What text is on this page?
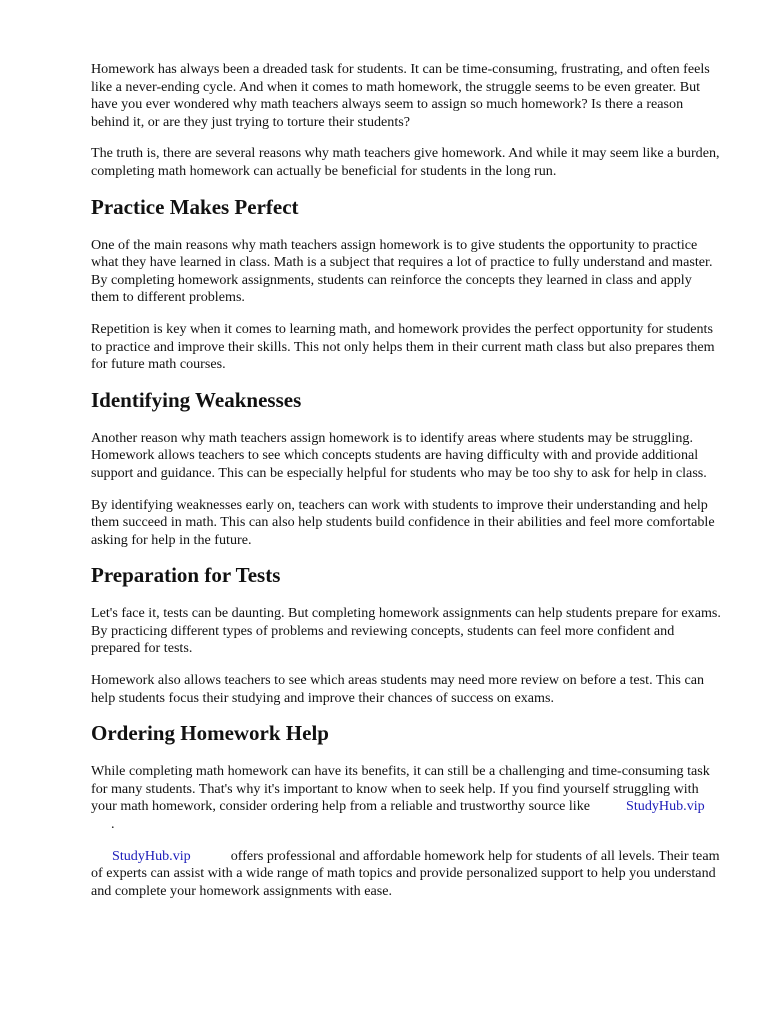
Homework has always been a dreaded task for students. It can be time-consuming, frustrating, and often feels like a never-ending cycle. And when it comes to math homework, the struggle seems to be even greater. But have you ever wondered why math teachers always seem to assign so much homework? Is there a reason behind it, or are they just trying to torture their students?

The truth is, there are several reasons why math teachers give homework. And while it may seem like a burden, completing math homework can actually be beneficial for students in the long run.

Practice Makes Perfect

One of the main reasons why math teachers assign homework is to give students the opportunity to practice what they have learned in class. Math is a subject that requires a lot of practice to fully understand and master. By completing homework assignments, students can reinforce the concepts they learned in class and apply them to different problems.

Repetition is key when it comes to learning math, and homework provides the perfect opportunity for students to practice and improve their skills. This not only helps them in their current math class but also prepares them for future math courses.

Identifying Weaknesses

Another reason why math teachers assign homework is to identify areas where students may be struggling. Homework allows teachers to see which concepts students are having difficulty with and provide additional support and guidance. This can be especially helpful for students who may be too shy to ask for help in class.

By identifying weaknesses early on, teachers can work with students to improve their understanding and help them succeed in math. This can also help students build confidence in their abilities and feel more comfortable asking for help in the future.

Preparation for Tests

Let's face it, tests can be daunting. But completing homework assignments can help students prepare for exams. By practicing different types of problems and reviewing concepts, students can feel more confident and prepared for tests.

Homework also allows teachers to see which areas students may need more review on before a test. This can help students focus their studying and improve their chances of success on exams.

Ordering Homework Help

While completing math homework can have its benefits, it can still be a challenging and time-consuming task for many students. That's why it's important to know when to seek help. If you find yourself struggling with your math homework, consider ordering help from a reliable and trustworthy source like	StudyHub.vip.

StudyHub.vip	offers professional and affordable homework help for students of all levels. Their team of experts can assist with a wide range of math topics and provide personalized support to help you understand and complete your homework assignments with ease.
